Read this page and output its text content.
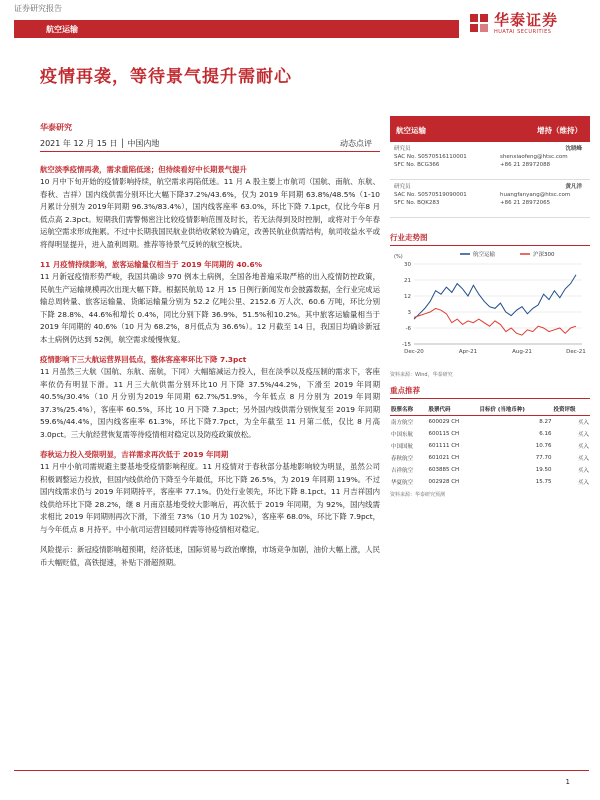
证券研究报告
航空运输
华泰证券
HUATAI SECURITIES
疫情再袭，等待景气提升需耐心
华泰研究
2021 年 12 月 15 日 │ 中国内地	动态点评
航空淡季疫情再袭，需求重陷低迷；但待续看好中长期景气提升
10 月中下旬开始的疫情影响持续，航空需求再陷低迷。11 月 A 股主要上市航司（国航、南航、东航、春秋、吉祥）国内线供需分别环比大幅下降37.2%/43.6%，仅为 2019 年同期 63.8%/48.5%（1-10 月累计分别为 2019年同期 96.3%/83.4%），国内线客座率 63.0%，环比下降 7.1pct，仅比今年8 月低点高 2.3pct。短期我们需警惕密注比较疫情影响范围及时长，若无法得到及时控制，或将对于今年春运航空需求形成拖累。不过中长期我国民航业供给收紧较为确定，改善民航业供需结构，航司收益水平或将得明显提升，进入盈利周期。推荐等待景气反转的航空板块。
11 月疫情持续影响，旅客运输量仅相当于 2019 年同期的 40.6%
11 月新冠疫情形势严峻，我国共确诊 970 例本土病例，全国各地普遍采取严格的出入疫情防控政策，民航生产运输规模再次出现大幅下降。根据民航局 12 月 15 日例行新闻发布会披露数据，全行业完成运输总周转量、旅客运输量、货邮运输量分别为 52.2 亿吨公里、2152.6 万人次、60.6 万吨，环比分别下降 28.8%、44.6%和增长 0.4%，同比分别下降 36.9%、51.5%和10.2%。其中旅客运输量相当于 2019 年同期的 40.6%（10 月为 68.2%，8月低点为 36.6%）。12 月截至 14 日，我国日均确诊新冠本土病例仍达到 52例，航空需求缓慢恢复。
疫情影响下三大航运营界回低点，整体客座率环比下降 7.3pct
11 月虽然三大航（国航、东航、南航，下同）大幅缩减运力投入，但在淡季以及疫压制的需求下，客座率依仍有明显下滑。11 月三大航供需分别环比10 月下降 37.5%/44.2%，下滑至 2019 年同期 40.5%/30.4%（10 月分别为2019 年同期 62.7%/51.9%，今年低点 8 月分别为 2019 年同期37.3%/25.4%），客座率 60.5%，环比 10 月下降 7.3pct；另外国内线供需分别恢复至 2019 年同期 59.6%/44.4%，国内线客座率 61.3%，环比下降7.7pct，为全年截至 11 月第二低，仅比 8 月高 3.0pct。三大航经营恢复需等待疫情相对稳定以及防疫政策放松。
春秋运力投入受限明显，吉祥需求再次低于 2019 年同期
11 月中小航司需规避主要基地受疫情影响程度。11 月疫情对于春秋部分基地影响较为明显，虽然公司积极调整运力投放，但国内线供给仍下降至今年最低，环比下降 26.5%，为 2019 年同期 119%。不过国内线需求仍与 2019 年同期持平，客座率 77.1%。仍处行业领先，环比下降 8.1pct。11 月吉祥国内线供给环比下降 28.2%，继 8 月南京基地受较大影响后，再次低于 2019 年同期，为 92%，国内线需求相比 2019 年同期则再次下滑，下滑至 73%（10 月为 102%），客座率 68.0%，环比下降 7.9pct，与今年低点 8 月持平。中小航司运营回暖同样需等待疫情相对稳定。
风险提示：新冠疫情影响超预期，经济低迷，国际贸易与政治摩擦，市场竞争加剧，油价大幅上涨，人民币大幅贬值，高铁提速，补贴下滑超预期。
航空运输	增持（维持）
研究员	沈晓峰
SAC No. S0570516110001	shenxiaofeng@htsc.com
SFC No. BCG366	+86 21 28972088
研究员	黄凡洋
SAC No. S0570519090001	huangfanyang@htsc.com
SFC No. BQK283	+86 21 28972065
行业走势图
(%)
-15
-6
3
12
21
30
Dec-20	Apr-21	Aug-21	Dec-21
航空运输	沪深300
资料来源：Wind，华泰研究
重点推荐
股票名称	股票代码	目标价 (当地币种)	投资评级
南方航空	600029 CH	8.27	买入
中国东航	600115 CH	6.16	买入
中国国航	601111 CH	10.76	买入
春秋航空	601021 CH	77.70	买入
吉祥航空	603885 CH	19.50	买入
华夏航空	002928 CH	15.75	买入
资料来源：华泰研究预测
1
